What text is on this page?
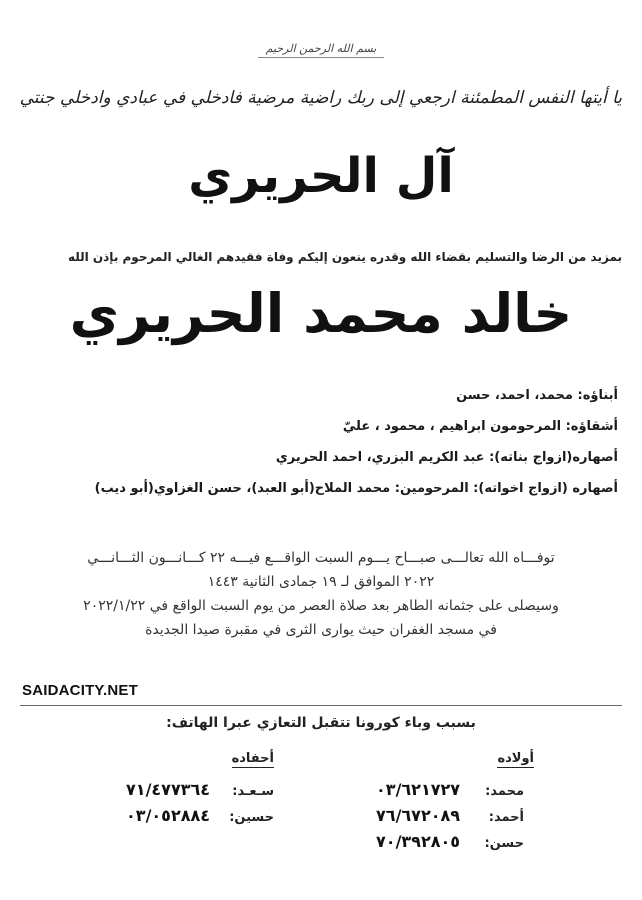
بسم الله الرحمن الرحيم
يا أيتها النفس المطمئنة ارجعي إلى ربك راضية مرضية فادخلي في عبادي وادخلي جنتي
آل الحريري
بمزيد من الرضا والتسليم بقضاء الله وقدره ينعون إليكم وفاة فقيدهم الغالي المرحوم بإذن الله
خالد محمد الحريري
أبناؤه: محمد، احمد، حسن
أشقاؤه: المرحومون ابراهيم ، محمود ، عليّ
أصهاره(ازواج بناته): عبد الكريم البزري، احمد الحريري
أصهاره (ازواج اخواته): المرحومين: محمد الملاح(أبو العبد)، حسن الغزاوي(أبو ديب)
توفـــاه الله تعالـــى صبـــاح يـــوم السبت الواقـــع فيـــه ٢٢ كـــانـــون الثـــانـــي
٢٠٢٢ الموافق لـ ١٩ جمادى الثانية ١٤٤٣
وسيصلى على جثمانه الطاهر بعد صلاة العصر من يوم السبت الواقع في ٢٠٢٢/١/٢٢
في مسجد الغفران حيث يوارى الثرى في مقبرة صيدا الجديدة
SAIDACITY.NET
بسبب وباء كورونا تتقبل التعازي عبرا الهاتف:
أولاده
أحفاده
محمد:
٠٣/٦٢١٧٢٧
أحمد:
٧٦/٦٧٢٠٨٩
حسن:
٧٠/٣٩٢٨٠٥
سـعـد:
٧١/٤٧٧٣٦٤
حسين:
٠٣/٠٥٢٨٨٤
